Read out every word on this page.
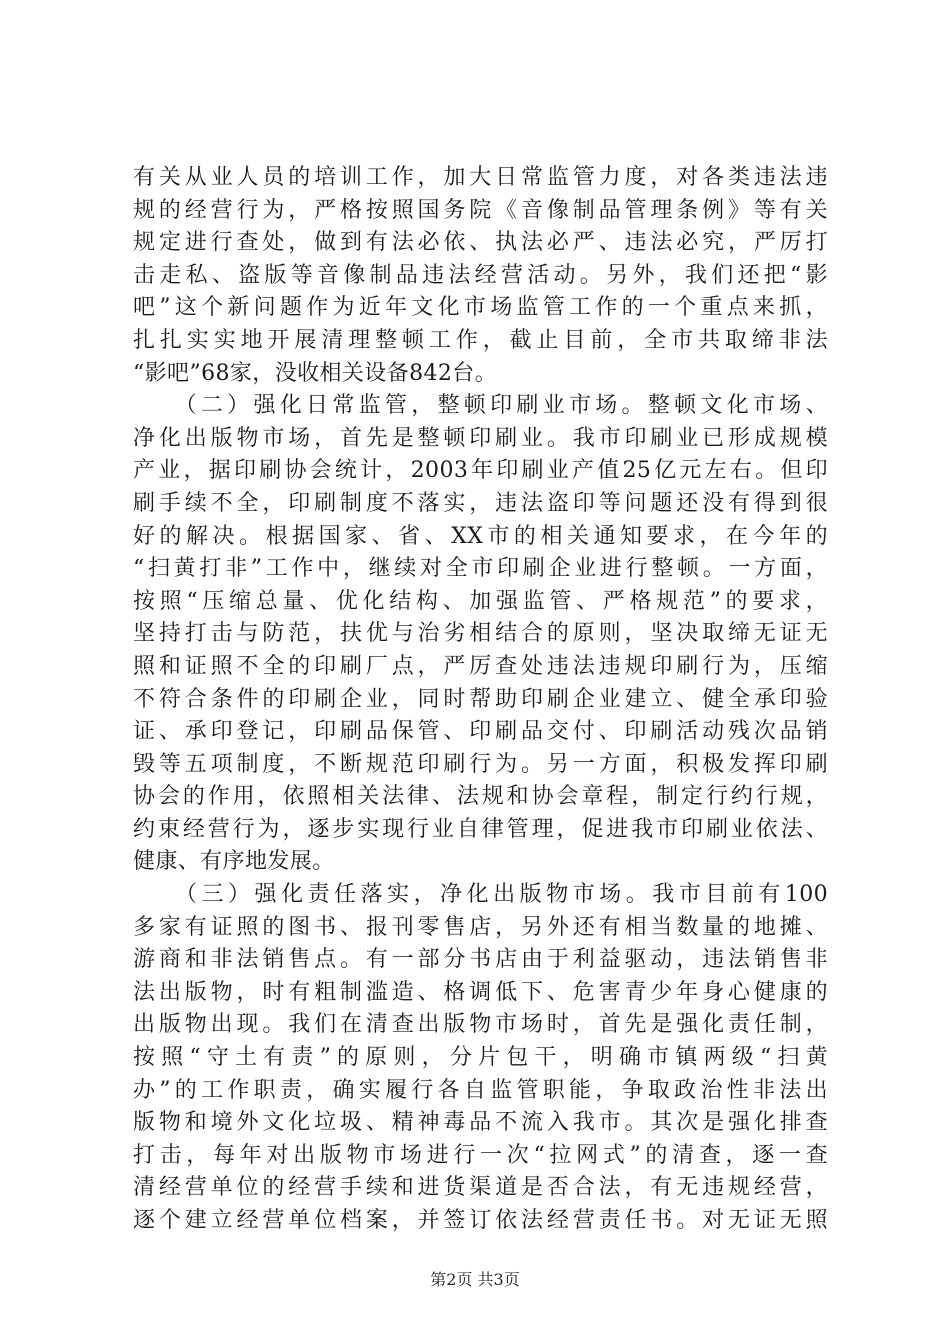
有关从业人员的培训工作，加大日常监管力度，对各类违法违
规的经营行为，严格按照国务院《音像制品管理条例》等有关
规定进行查处，做到有法必依、执法必严、违法必究，严厉打
击走私、盗版等音像制品违法经营活动。另外，我们还把“影
吧”这个新问题作为近年文化市场监管工作的一个重点来抓，
扎扎实实地开展清理整顿工作，截止目前，全市共取缔非法
“影吧”68家，没收相关设备842台。
　　（二）强化日常监管，整顿印刷业市场。整顿文化市场、
净化出版物市场，首先是整顿印刷业。我市印刷业已形成规模
产业，据印刷协会统计，2003年印刷业产值25亿元左右。但印
刷手续不全，印刷制度不落实，违法盗印等问题还没有得到很
好的解决。根据国家、省、XX市的相关通知要求，在今年的
“扫黄打非”工作中，继续对全市印刷企业进行整顿。一方面，
按照“压缩总量、优化结构、加强监管、严格规范”的要求，
坚持打击与防范，扶优与治劣相结合的原则，坚决取缔无证无
照和证照不全的印刷厂点，严厉查处违法违规印刷行为，压缩
不符合条件的印刷企业，同时帮助印刷企业建立、健全承印验
证、承印登记，印刷品保管、印刷品交付、印刷活动残次品销
毁等五项制度，不断规范印刷行为。另一方面，积极发挥印刷
协会的作用，依照相关法律、法规和协会章程，制定行约行规，
约束经营行为，逐步实现行业自律管理，促进我市印刷业依法、
健康、有序地发展。
　　（三）强化责任落实，净化出版物市场。我市目前有100
多家有证照的图书、报刊零售店，另外还有相当数量的地摊、
游商和非法销售点。有一部分书店由于利益驱动，违法销售非
法出版物，时有粗制滥造、格调低下、危害青少年身心健康的
出版物出现。我们在清查出版物市场时，首先是强化责任制，
按照“守土有责”的原则，分片包干，明确市镇两级“扫黄
办”的工作职责，确实履行各自监管职能，争取政治性非法出
版物和境外文化垃圾、精神毒品不流入我市。其次是强化排查
打击，每年对出版物市场进行一次“拉网式”的清查，逐一查
清经营单位的经营手续和进货渠道是否合法，有无违规经营，
逐个建立经营单位档案，并签订依法经营责任书。对无证无照
第2页 共3页
